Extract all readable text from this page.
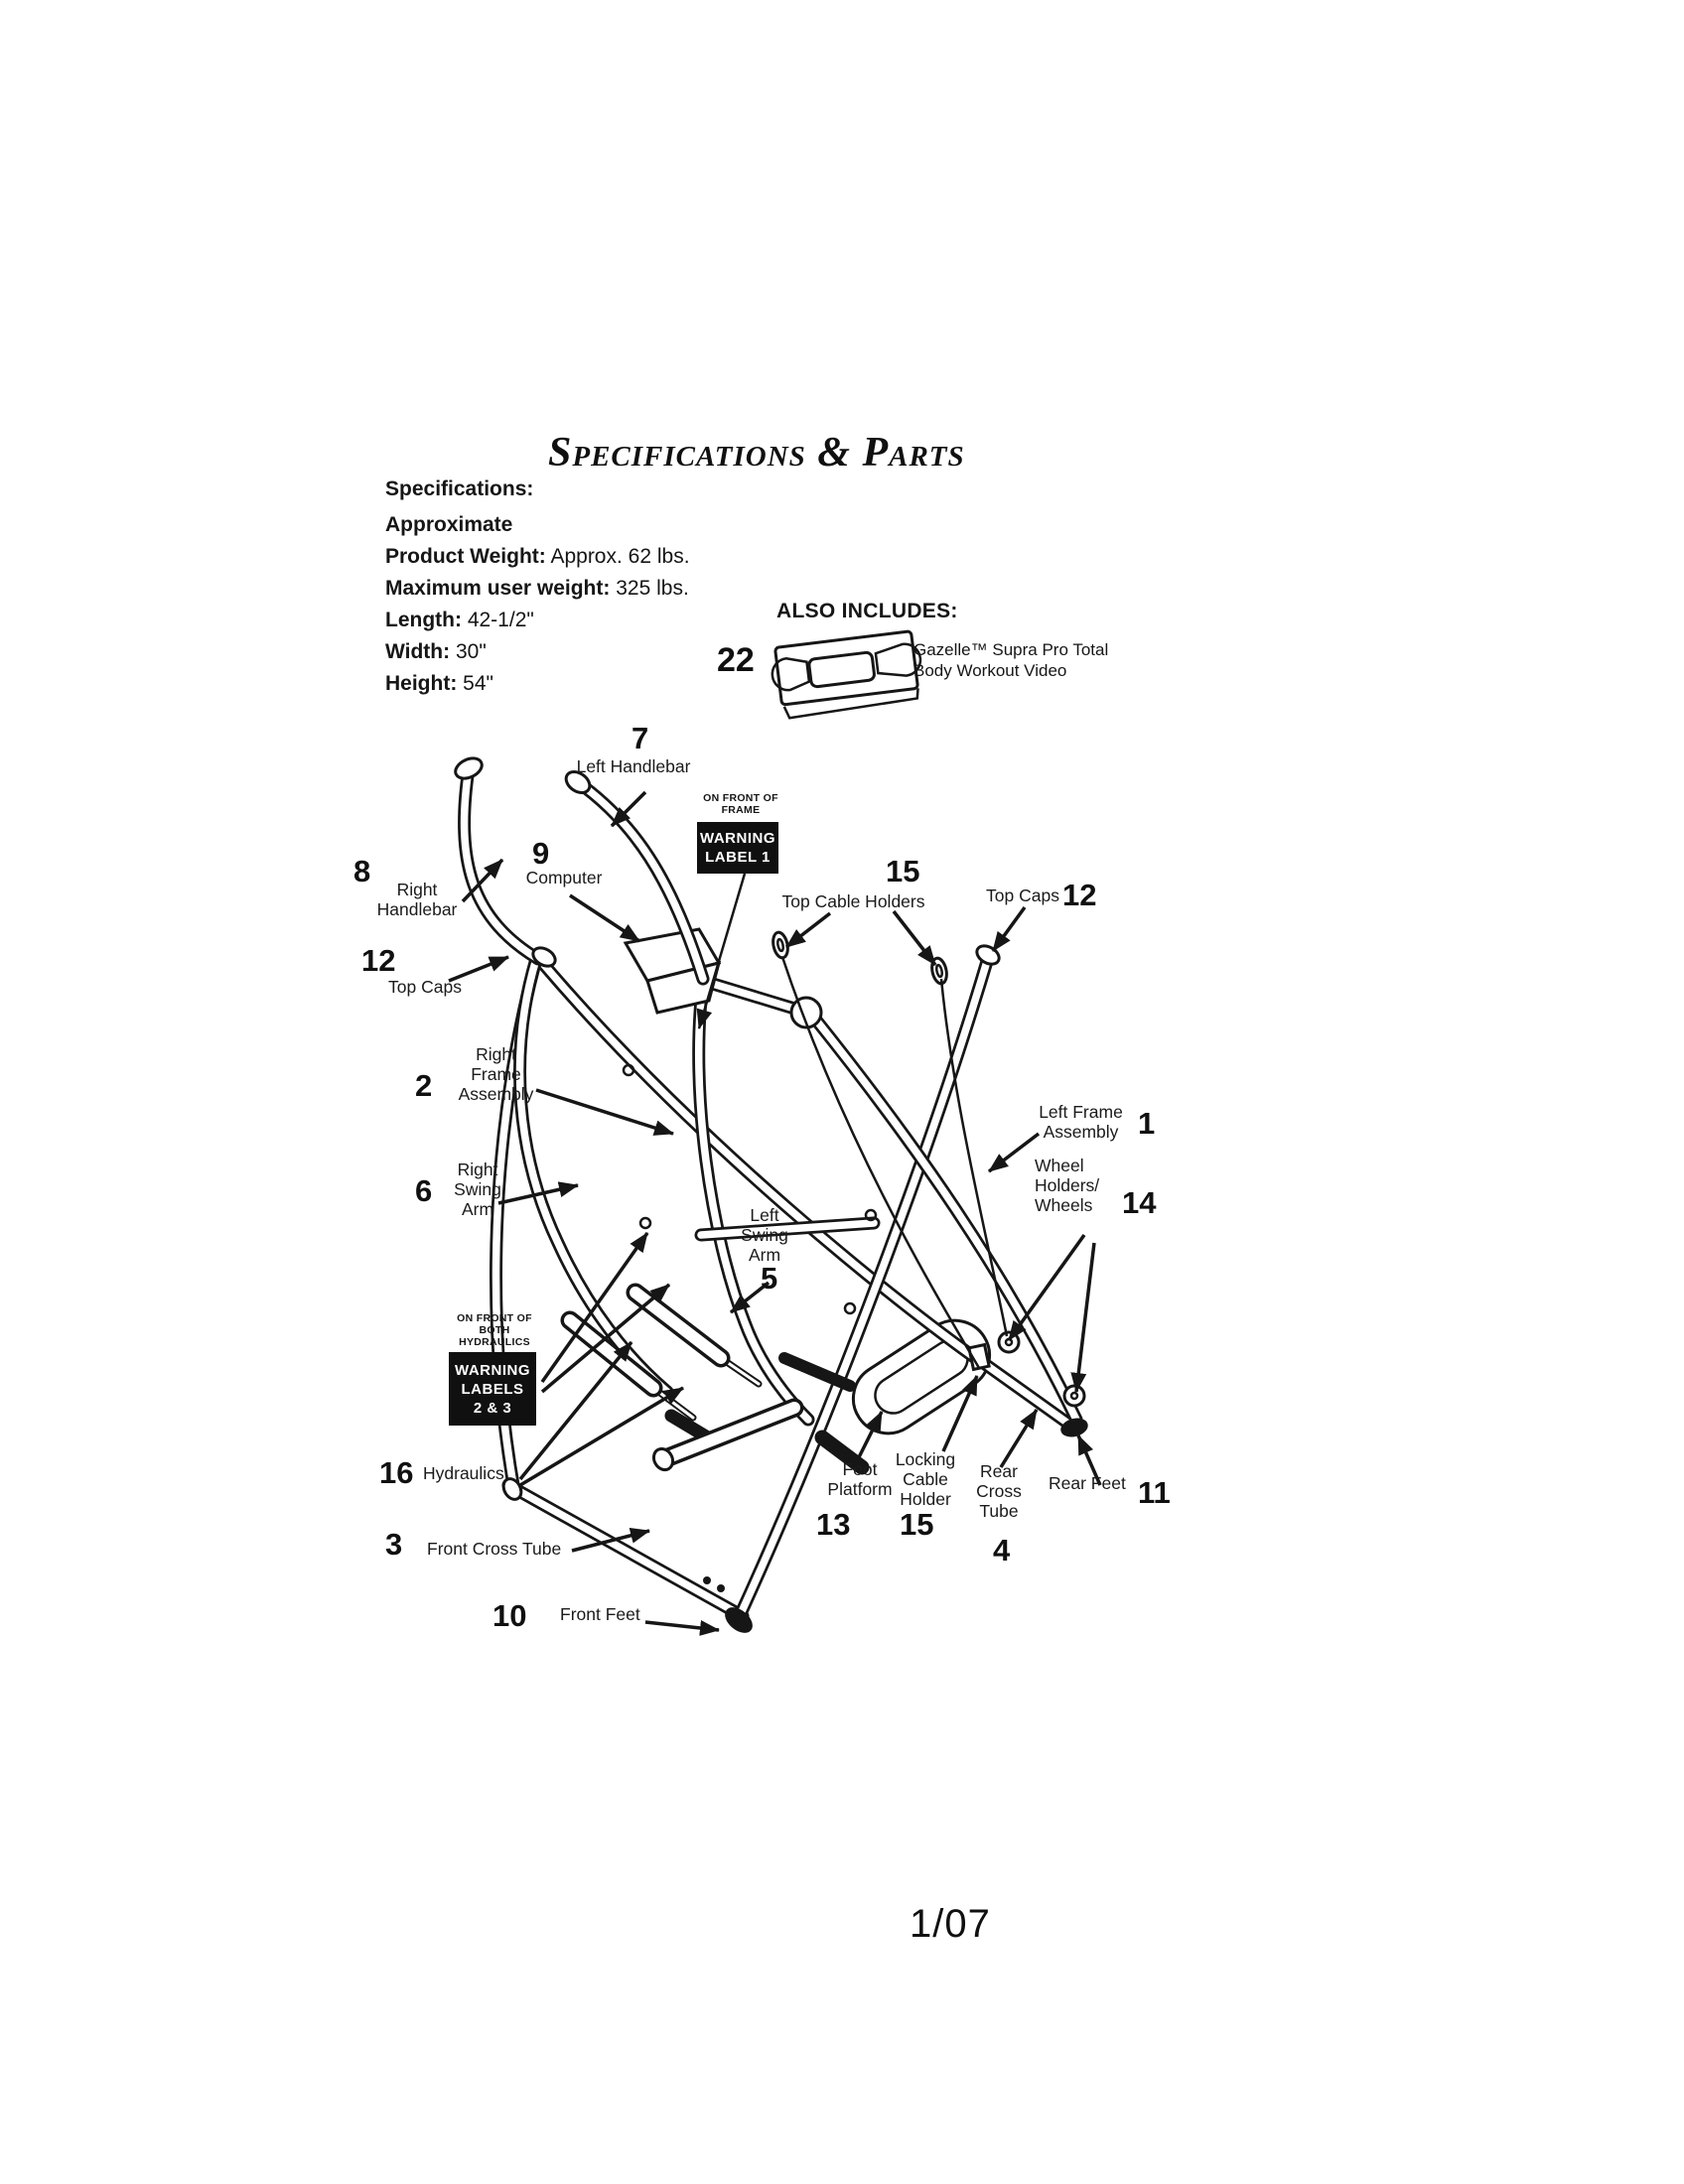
Specifications & Parts
Specifications:
Approximate
Product Weight: Approx. 62 lbs.
Maximum user weight: 325 lbs.
Length: 42-1/2"
Width: 30"
Height: 54"
ALSO INCLUDES:
22	Gazelle™ Supra Pro Total
Body Workout Video
ON FRONT OF FRAME
WARNING
LABEL 1
ON FRONT OF BOTH HYDRAULICS
WARNING
LABELS
2 & 3
7
8
9
15
12
12
2
1
6	14
5
16
13 15
4
11
3
10
Left Handlebar
Right Handlebar
Computer
Top Cable Holders	Top Caps
Top Caps
Right Frame Assembly
Left Frame Assembly
Right Swing Arm
Wheel Holders/ Wheels
Left Swing Arm
Hydraulics	Foot Platform
Locking Cable Holder
Rear Cross Tube
Rear Feet
Front Cross Tube
Front Feet
1/07
